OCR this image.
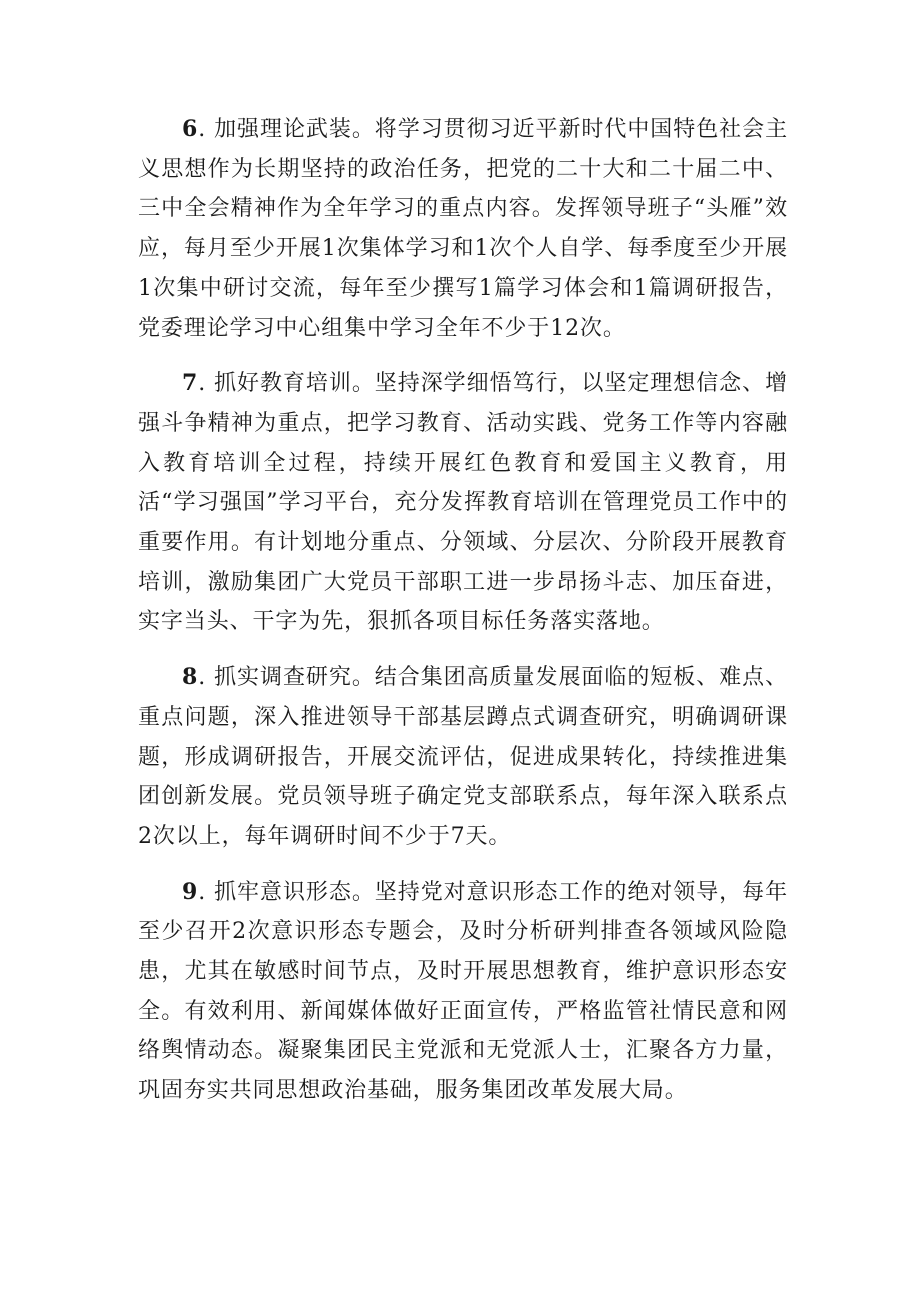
6. 加强理论武装。将学习贯彻习近平新时代中国特色社会主义思想作为长期坚持的政治任务，把党的二十大和二十届二中、三中全会精神作为全年学习的重点内容。发挥领导班子“头雁”效应，每月至少开展1次集体学习和1次个人自学、每季度至少开展1次集中研讨交流，每年至少撰写1篇学习体会和1篇调研报告，党委理论学习中心组集中学习全年不少于12次。

7. 抓好教育培训。坚持深学细悟笃行，以坚定理想信念、增强斗争精神为重点，把学习教育、活动实践、党务工作等内容融入教育培训全过程，持续开展红色教育和爱国主义教育，用活“学习强国”学习平台，充分发挥教育培训在管理党员工作中的重要作用。有计划地分重点、分领域、分层次、分阶段开展教育培训，激励集团广大党员干部职工进一步昂扬斗志、加压奋进，实字当头、干字为先，狠抓各项目标任务落实落地。

8. 抓实调查研究。结合集团高质量发展面临的短板、难点、重点问题，深入推进领导干部基层蹲点式调查研究，明确调研课题，形成调研报告，开展交流评估，促进成果转化，持续推进集团创新发展。党员领导班子确定党支部联系点，每年深入联系点2次以上，每年调研时间不少于7天。

9. 抓牢意识形态。坚持党对意识形态工作的绝对领导，每年至少召开2次意识形态专题会，及时分析研判排查各领域风险隐患，尤其在敏感时间节点，及时开展思想教育，维护意识形态安全。有效利用、新闻媒体做好正面宣传，严格监管社情民意和网络舆情动态。凝聚集团民主党派和无党派人士，汇聚各方力量，巩固夯实共同思想政治基础，服务集团改革发展大局。
